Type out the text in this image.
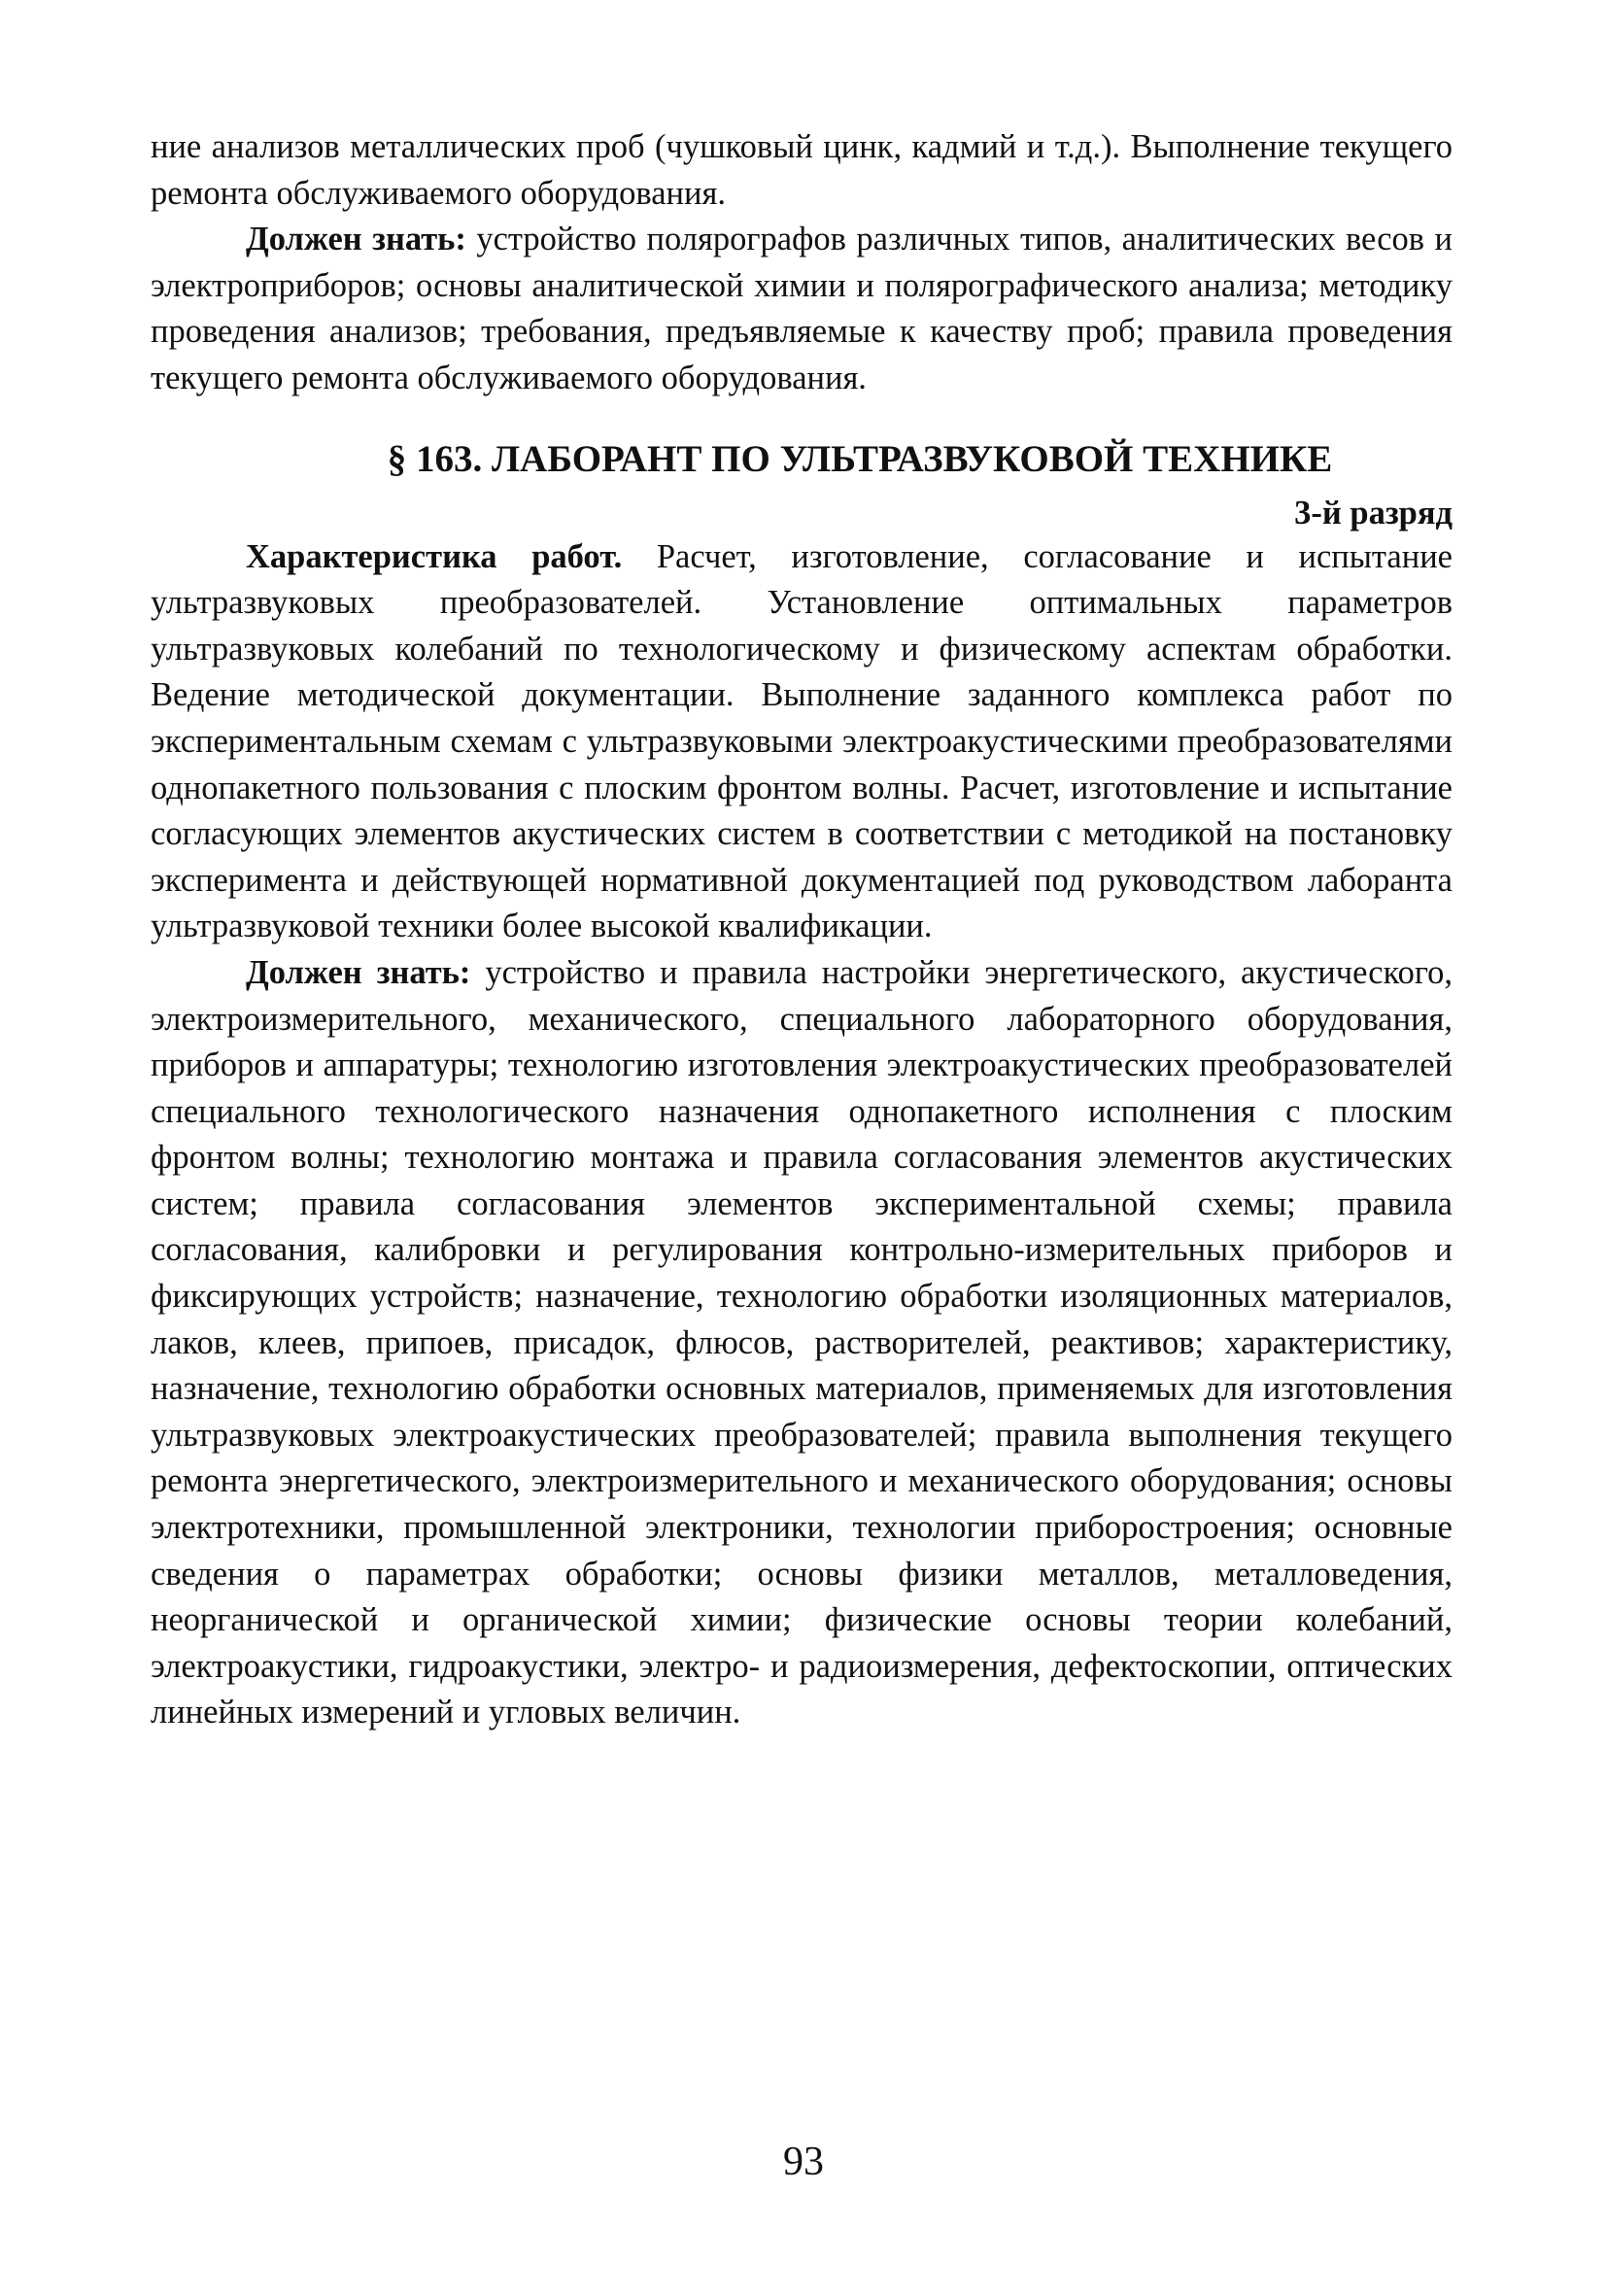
ние анализов металлических проб (чушковый цинк, кадмий и т.д.). Выполнение текущего ремонта обслуживаемого оборудования.

Должен знать: устройство полярографов различных типов, аналитических весов и электроприборов; основы аналитической химии и полярографического анализа; методику проведения анализов; требования, предъявляемые к качеству проб; правила проведения текущего ремонта обслуживаемого оборудования.

§ 163. ЛАБОРАНТ ПО УЛЬТРАЗВУКОВОЙ ТЕХНИКЕ
3-й разряд

Характеристика работ. Расчет, изготовление, согласование и испытание ультразвуковых преобразователей. Установление оптимальных параметров ультразвуковых колебаний по технологическому и физическому аспектам обработки. Ведение методической документации. Выполнение заданного комплекса работ по экспериментальным схемам с ультразвуковыми электроакустическими преобразователями однопакетного пользования с плоским фронтом волны. Расчет, изготовление и испытание согласующих элементов акустических систем в соответствии с методикой на постановку эксперимента и действующей нормативной документацией под руководством лаборанта ультразвуковой техники более высокой квалификации.

Должен знать: устройство и правила настройки энергетического, акустического, электроизмерительного, механического, специального лабораторного оборудования, приборов и аппаратуры; технологию изготовления электроакустических преобразователей специального технологического назначения однопакетного исполнения с плоским фронтом волны; технологию монтажа и правила согласования элементов акустических систем; правила согласования элементов экспериментальной схемы; правила согласования, калибровки и регулирования контрольно-измерительных приборов и фиксирующих устройств; назначение, технологию обработки изоляционных материалов, лаков, клеев, припоев, присадок, флюсов, растворителей, реактивов; характеристику, назначение, технологию обработки основных материалов, применяемых для изготовления ультразвуковых электроакустических преобразователей; правила выполнения текущего ремонта энергетического, электроизмерительного и механического оборудования; основы электротехники, промышленной электроники, технологии приборостроения; основные сведения о параметрах обработки; основы физики металлов, металловедения, неорганической и органической химии; физические основы теории колебаний, электроакустики, гидроакустики, электро- и радиоизмерения, дефектоскопии, оптических линейных измерений и угловых величин.

93
